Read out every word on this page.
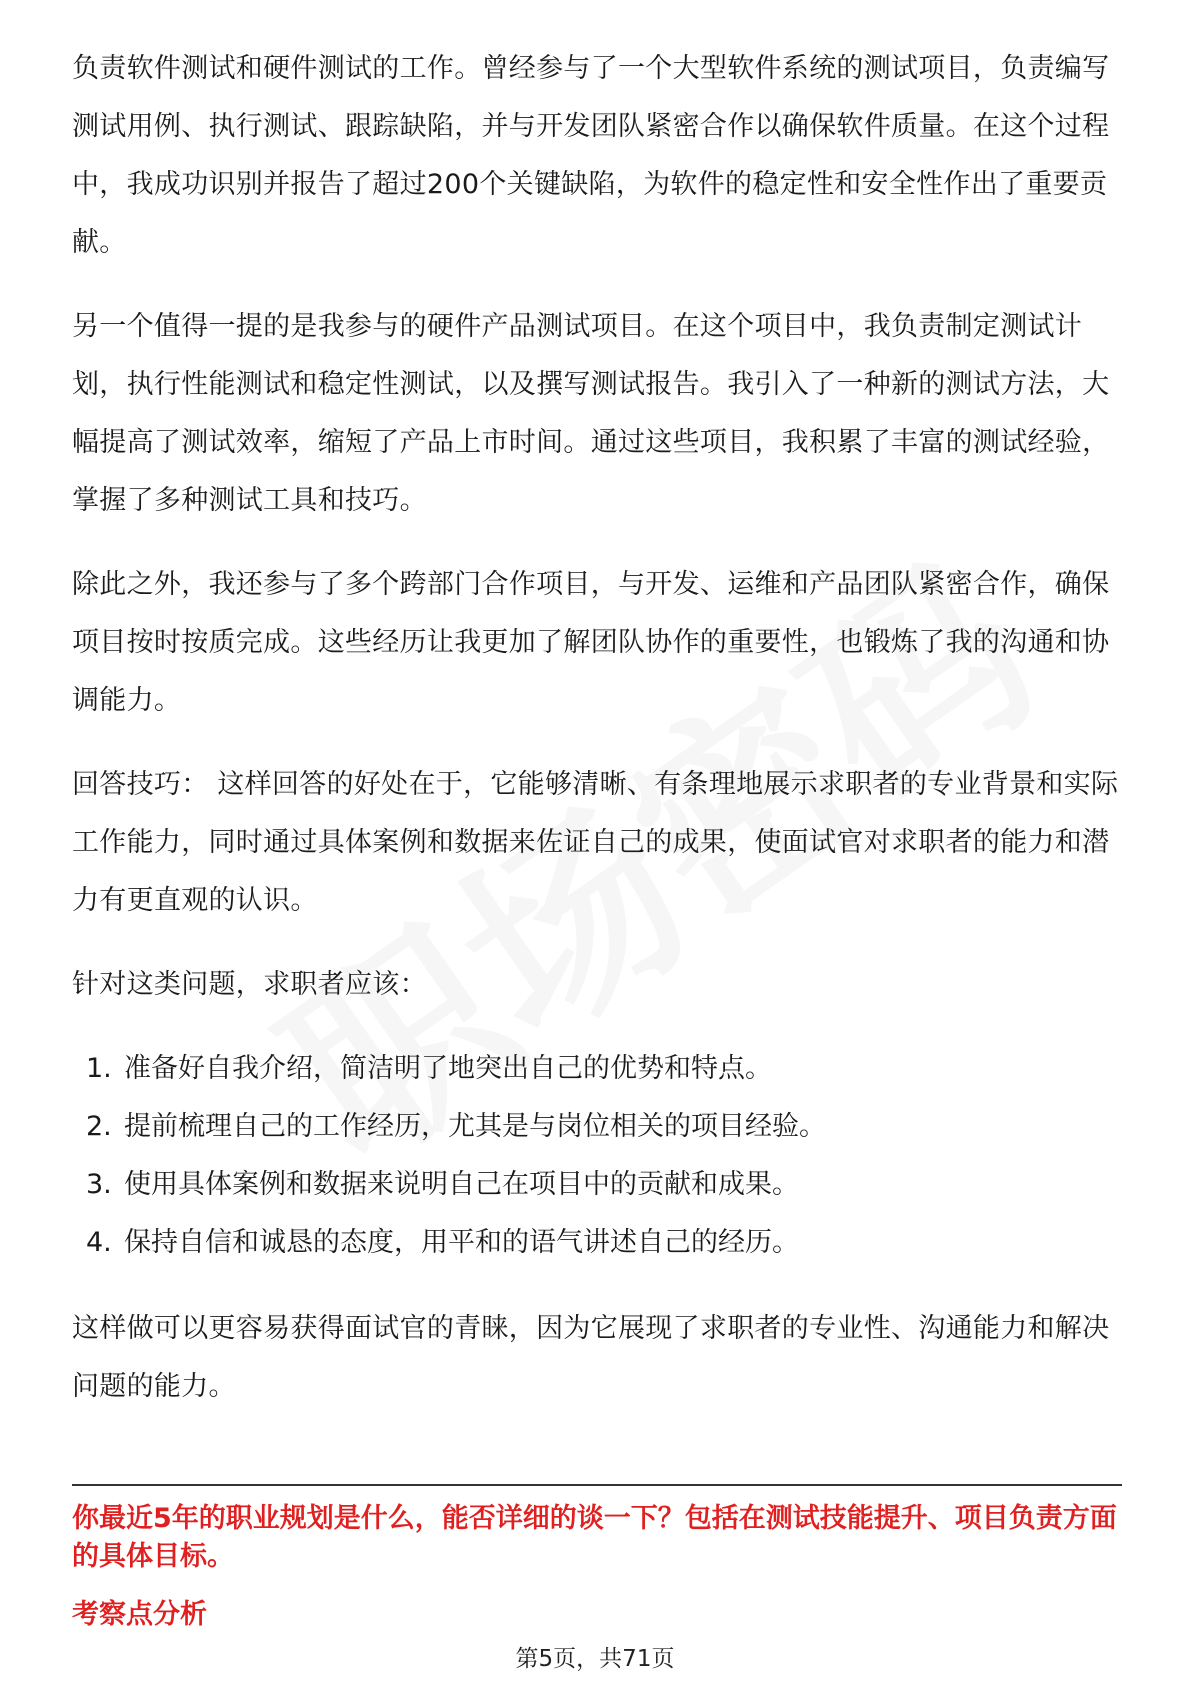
负责软件测试和硬件测试的工作。曾经参与了一个大型软件系统的测试项目，负责编写测试用例、执行测试、跟踪缺陷，并与开发团队紧密合作以确保软件质量。在这个过程中，我成功识别并报告了超过200个关键缺陷，为软件的稳定性和安全性作出了重要贡献。

另一个值得一提的是我参与的硬件产品测试项目。在这个项目中，我负责制定测试计划，执行性能测试和稳定性测试，以及撰写测试报告。我引入了一种新的测试方法，大幅提高了测试效率，缩短了产品上市时间。通过这些项目，我积累了丰富的测试经验，掌握了多种测试工具和技巧。

除此之外，我还参与了多个跨部门合作项目，与开发、运维和产品团队紧密合作，确保项目按时按质完成。这些经历让我更加了解团队协作的重要性，也锻炼了我的沟通和协调能力。

回答技巧： 这样回答的好处在于，它能够清晰、有条理地展示求职者的专业背景和实际工作能力，同时通过具体案例和数据来佐证自己的成果，使面试官对求职者的能力和潜力有更直观的认识。

针对这类问题，求职者应该：

1. 准备好自我介绍，简洁明了地突出自己的优势和特点。
2. 提前梳理自己的工作经历，尤其是与岗位相关的项目经验。
3. 使用具体案例和数据来说明自己在项目中的贡献和成果。
4. 保持自信和诚恳的态度，用平和的语气讲述自己的经历。

这样做可以更容易获得面试官的青睐，因为它展现了求职者的专业性、沟通能力和解决问题的能力。

你最近5年的职业规划是什么，能否详细的谈一下？包括在测试技能提升、项目负责方面的具体目标。

考察点分析

第5页，共71页
